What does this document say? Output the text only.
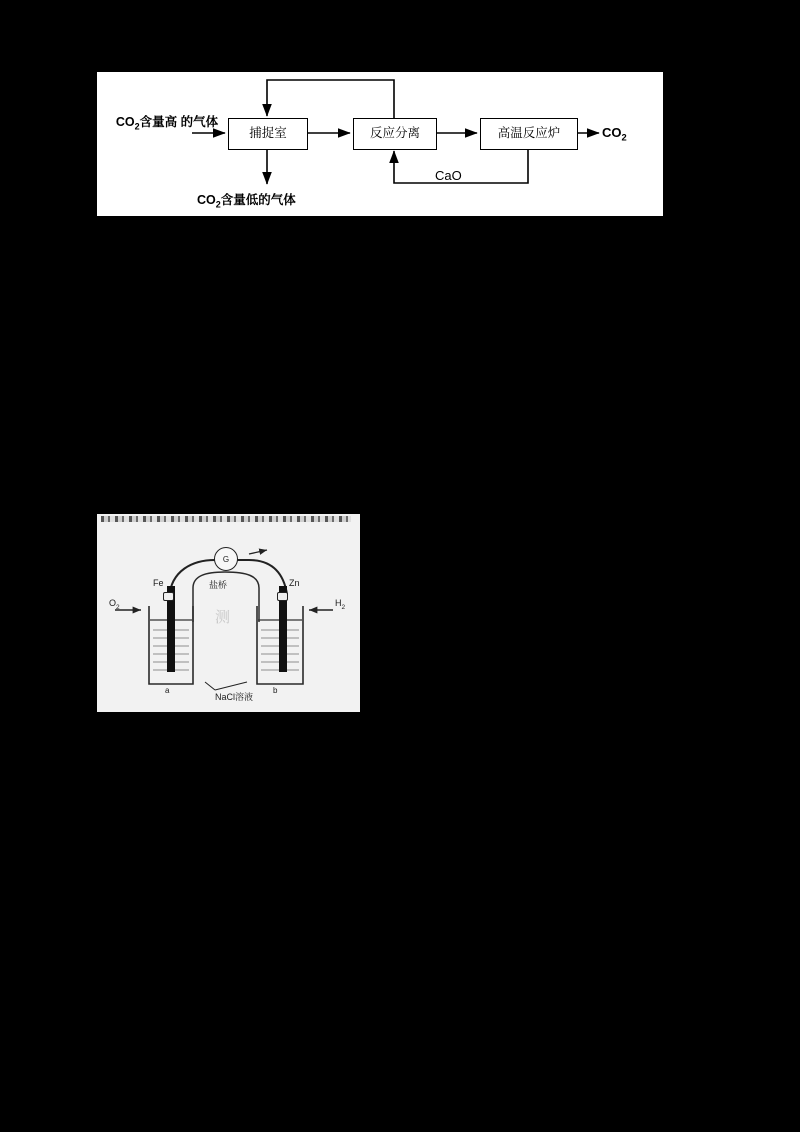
$CO_2$含量高 的气体
捕捉室	反应分离	高温反应炉
$CO_2$含量低的气体
$CO_2$
CaO
测
G
Fe	Zn
盐桥
$O_2$	$H_2$
a	b
NaCl溶液
